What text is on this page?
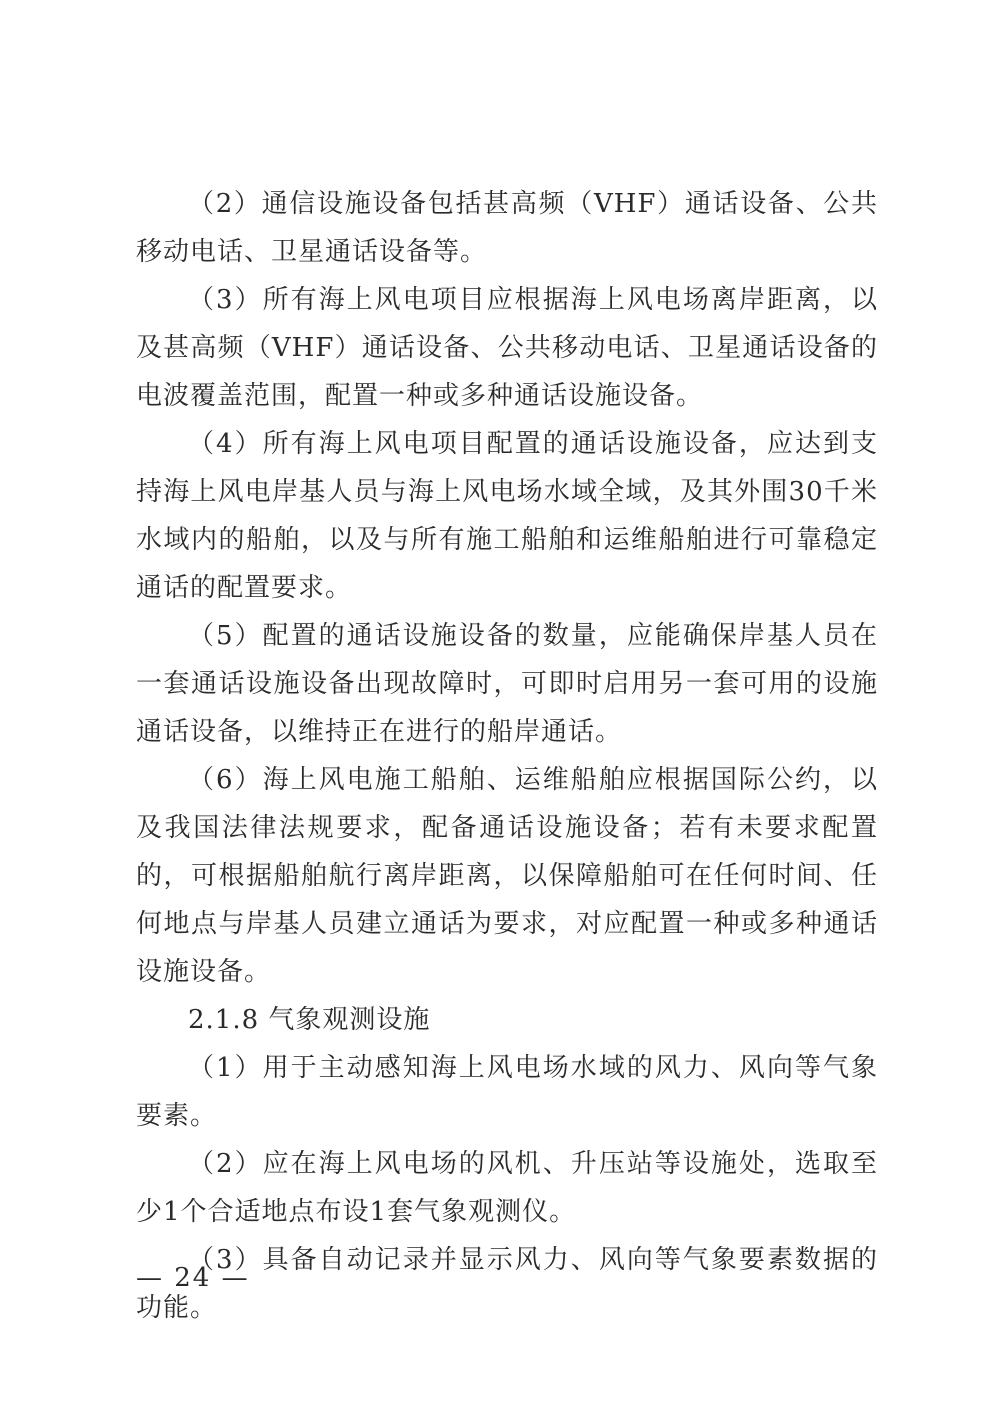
（2）通信设施设备包括甚高频（VHF）通话设备、公共移动电话、卫星通话设备等。

（3）所有海上风电项目应根据海上风电场离岸距离，以及甚高频（VHF）通话设备、公共移动电话、卫星通话设备的电波覆盖范围，配置一种或多种通话设施设备。

（4）所有海上风电项目配置的通话设施设备，应达到支持海上风电岸基人员与海上风电场水域全域，及其外围30千米水域内的船舶，以及与所有施工船舶和运维船舶进行可靠稳定通话的配置要求。

（5）配置的通话设施设备的数量，应能确保岸基人员在一套通话设施设备出现故障时，可即时启用另一套可用的设施通话设备，以维持正在进行的船岸通话。

（6）海上风电施工船舶、运维船舶应根据国际公约，以及我国法律法规要求，配备通话设施设备；若有未要求配置的，可根据船舶航行离岸距离，以保障船舶可在任何时间、任何地点与岸基人员建立通话为要求，对应配置一种或多种通话设施设备。

2.1.8 气象观测设施

（1）用于主动感知海上风电场水域的风力、风向等气象要素。

（2）应在海上风电场的风机、升压站等设施处，选取至少1个合适地点布设1套气象观测仪。

（3）具备自动记录并显示风力、风向等气象要素数据的功能。

— 24 —
